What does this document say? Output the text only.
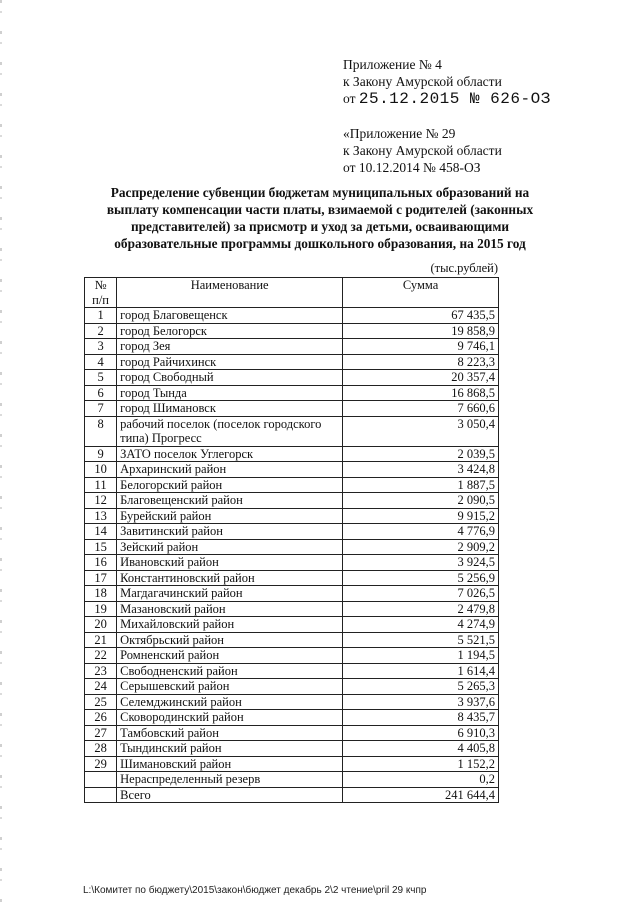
Приложение № 4
к Закону Амурской области
от 25.12.2015 № 626-ОЗ
«Приложение № 29
к Закону Амурской области
от 10.12.2014 № 458-ОЗ
Распределение субвенции бюджетам муниципальных образований на выплату компенсации части платы, взимаемой с родителей (законных представителей) за присмотр и уход за детьми, осваивающими образовательные программы дошкольного образования, на 2015 год
(тыс.рублей)
№ п/п	Наименование	Сумма
1	город Благовещенск	67 435,5
2	город Белогорск	19 858,9
3	город Зея	9 746,1
4	город Райчихинск	8 223,3
5	город Свободный	20 357,4
6	город Тында	16 868,5
7	город Шимановск	7 660,6
8	рабочий поселок (поселок городского типа) Прогресс	3 050,4
9	ЗАТО поселок Углегорск	2 039,5
10	Архаринский район	3 424,8
11	Белогорский район	1 887,5
12	Благовещенский район	2 090,5
13	Бурейский район	9 915,2
14	Завитинский район	4 776,9
15	Зейский район	2 909,2
16	Ивановский район	3 924,5
17	Константиновский район	5 256,9
18	Магдагачинский район	7 026,5
19	Мазановский район	2 479,8
20	Михайловский район	4 274,9
21	Октябрьский район	5 521,5
22	Ромненский район	1 194,5
23	Свободненский район	1 614,4
24	Серышевский район	5 265,3
25	Селемджинский район	3 937,6
26	Сковородинский район	8 435,7
27	Тамбовский район	6 910,3
28	Тындинский район	4 405,8
29	Шимановский район	1 152,2
	Нераспределенный резерв	0,2
	Всего	241 644,4
L:\Комитет по бюджету\2015\закон\бюджет декабрь 2\2 чтение\pril 29 кчпр
